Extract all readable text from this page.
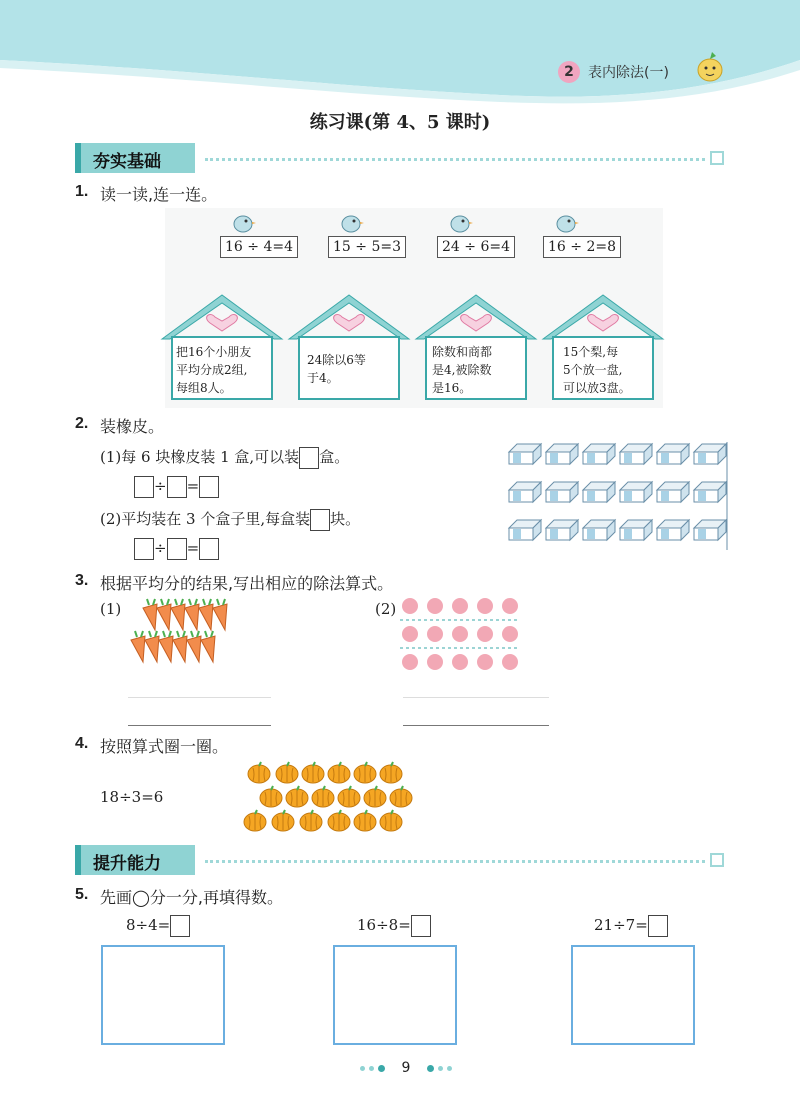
2	表内除法(一)
练习课(第 4、5 课时)
夯实基础
1. 读一读,连一连。
16 ÷ 4=4	15 ÷ 5=3	24 ÷ 6=4	16 ÷ 2=8
把16个小朋友
平均分成2组,
每组8人。
24除以6等
于4。
除数和商都
是4,被除数
是16。
15个梨,每
5个放一盘,
可以放3盘。
2. 装橡皮。
(1)每 6 块橡皮装 1 盒,可以装 盒。
÷ =
(2)平均装在 3 个盒子里,每盒装 块。
÷ =
3. 根据平均分的结果,写出相应的除法算式。
(1)	(2)
4. 按照算式圈一圈。
18÷3=6
提升能力
5. 先画◯分一分,再填得数。
8÷4=	16÷8=	21÷7=
9
